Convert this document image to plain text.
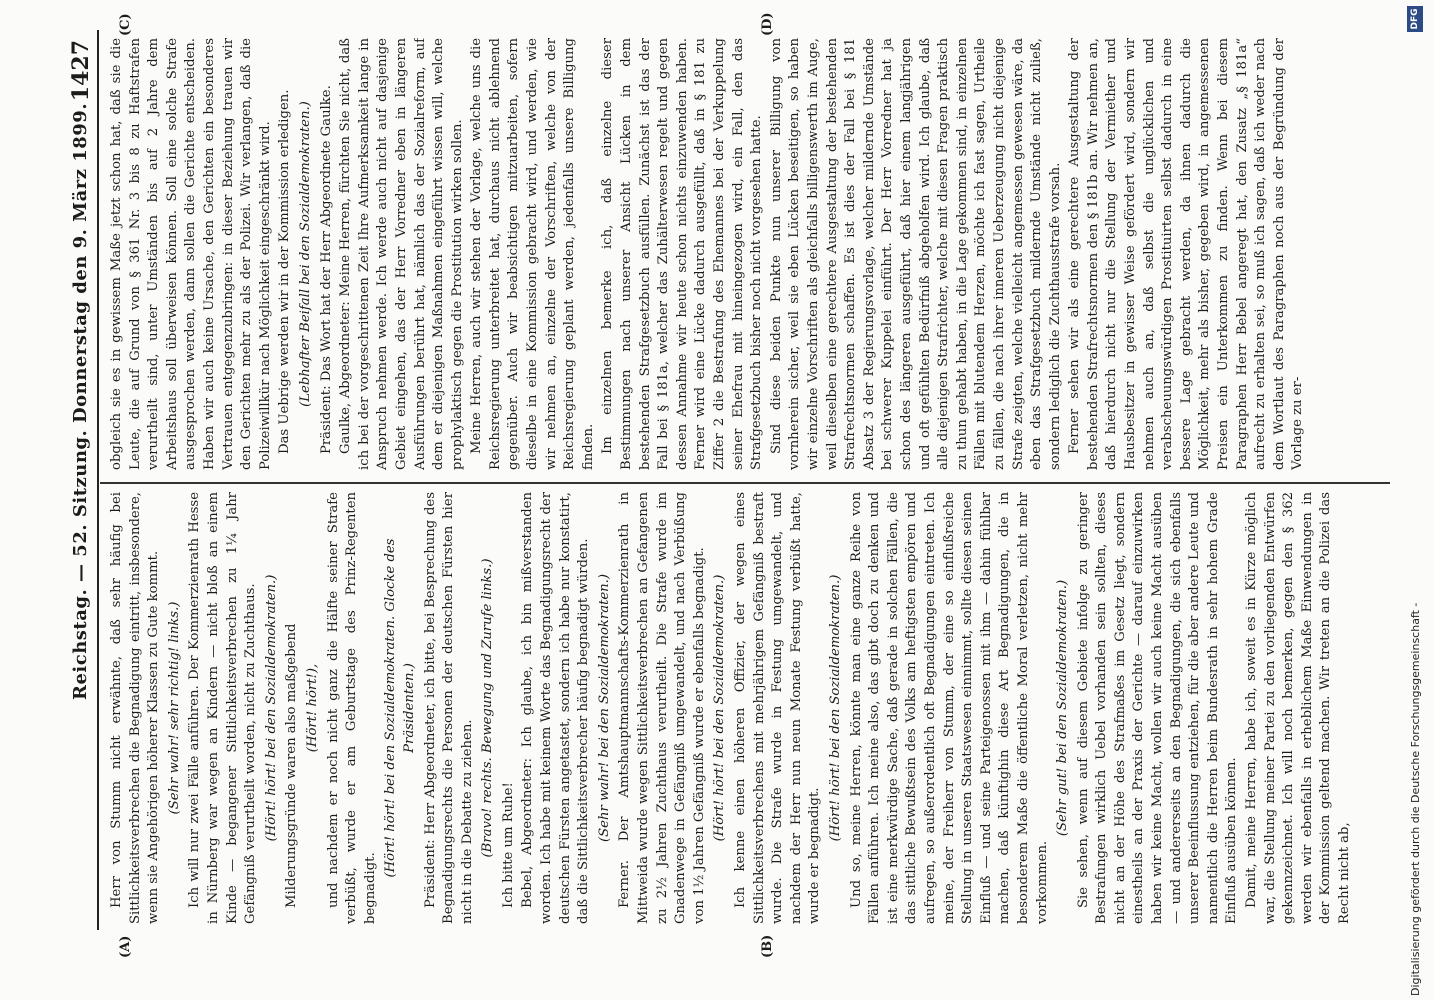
Reichstag. — 52. Sitzung. Donnerstag den 9. März 1899.
1427
(A)	(B)
(C)	(D)

Herr von Stumm nicht erwähnte, daß sehr häufig bei Sittlichkeitsverbrechen die Begnadigung eintritt, insbesondere, wenn sie Angehörigen höherer Klassen zu Gute kommt. (Sehr wahr! sehr richtig! links.) Ich will nur zwei Fälle anführen. Der Kommerzienrath Hesse in Nürnberg war wegen an Kindern — nicht bloß an einem Kinde — begangener Sittlichkeitsverbrechen zu 1¼ Jahr Gefängniß verurtheilt worden, nicht zu Zuchthaus. (Hört! hört! bei den Sozialdemokraten.) Milderungsgründe waren also maßgebend (Hört! hört!), und nachdem er noch nicht ganz die Hälfte seiner Strafe verbüßt, wurde er am Geburtstage des Prinz-Regenten begnadigt.

(Hört! hört! bei den Sozialdemokraten. Glocke des Präsidenten.) Präsident: Herr Abgeordneter, ich bitte, bei Besprechung des Begnadigungsrechts die Personen der deutschen Fürsten hier nicht in die Debatte zu ziehen. (Bravo! rechts. Bewegung und Zurufe links.) Ich bitte um Ruhe! Bebel, Abgeordneter: Ich glaube, ich bin mißverstanden worden. Ich habe mit keinem Worte das Begnadigungsrecht der deutschen Fürsten angetastet, sondern ich habe nur konstatirt, daß die Sittlichkeitsverbrecher häufig begnadigt würden. (Sehr wahr! bei den Sozialdemokraten.) Ferner. Der Amtshauptmannschafts-Kommerzienrath in Mittweida wurde wegen Sittlichkeitsverbrechen an Gefangenen zu 2½ Jahren Zuchthaus verurtheilt. Die Strafe wurde im Gnadenwege in Gefängniß umgewandelt, und nach Verbüßung von 1½ Jahren Gefängniß wurde er ebenfalls begnadigt. (Hört! hört! bei den Sozialdemokraten.) Ich kenne einen höheren Offizier, der wegen eines Sittlichkeitsverbrechens mit mehrjährigem Gefängniß bestraft wurde. Die Strafe wurde in Festung umgewandelt, und nachdem der Herr nun neun Monate Festung verbüßt hatte, wurde er begnadigt.

(Hört! hört! bei den Sozialdemokraten.) Und so, meine Herren, könnte man eine ganze Reihe von Fällen anführen. Ich meine also, das gibt doch zu denken und ist eine merkwürdige Sache, daß gerade in solchen Fällen, die das sittliche Bewußtsein des Volks am heftigsten empören und aufregen, so außerordentlich oft Begnadigungen eintreten. Ich meine, der Freiherr von Stumm, der eine so einflußreiche Stellung in unseren Staatswesen einnimmt, sollte diesen seinen Einfluß — und seine Parteigenossen mit ihm — dahin fühlbar machen, daß künftighin diese Art Begnadigungen, die in besonderem Maße die öffentliche Moral verletzen, nicht mehr vorkommen.

(Sehr gut! bei den Sozialdemokraten.) Sie sehen, wenn auf diesem Gebiete infolge zu geringer Bestrafungen wirklich Uebel vorhanden sein sollten, dieses nicht an der Höhe des Strafmaßes im Gesetz liegt, sondern einestheils an der Praxis der Gerichte — darauf einzuwirken haben wir keine Macht, wollen wir auch keine Macht ausüben — und andererseits an den Begnadigungen, die sich ebenfalls unserer Beeinflussung entziehen, für die aber andere Leute und namentlich die Herren beim Bundesrath in sehr hohem Grade Einfluß ausüben können. Damit, meine Herren, habe ich, soweit es in Kürze möglich war, die Stellung meiner Partei zu den vorliegenden Entwürfen gekennzeichnet. Ich will noch bemerken, gegen den § 362 werden wir ebenfalls in erheblichem Maße Einwendungen in der Kommission geltend machen. Wir treten an die Polizei das Recht nicht ab,

obgleich sie es in gewissem Maße jetzt schon hat, daß sie die Leute, die auf Grund von § 361 Nr. 3 bis 8 zu Haftstrafen verurtheilt sind, unter Umständen bis auf 2 Jahre dem Arbeitshaus soll überweisen können. Soll eine solche Strafe ausgesprochen werden, dann sollen die Gerichte entscheiden. Haben wir auch keine Ursache, den Gerichten ein besonderes Vertrauen entgegenzubringen: in dieser Beziehung trauen wir den Gerichten mehr zu als der Polizei. Wir verlangen, daß die Polizeiwillkür nach Möglichkeit eingeschränkt wird. Das Uebrige werden wir in der Kommission erledigen. (Lebhafter Beifall bei den Sozialdemokraten.) Präsident: Das Wort hat der Herr Abgeordnete Gaulke. Gaulke, Abgeordneter: Meine Herren, fürchten Sie nicht, daß ich bei der vorgeschrittenen Zeit Ihre Aufmerksamkeit lange in Anspruch nehmen werde. Ich werde auch nicht auf dasjenige Gebiet eingehen, das der Herr Vorredner eben in längeren Ausführungen berührt hat, nämlich das der Sozialreform, auf dem er diejenigen Maßnahmen eingeführt wissen will, welche prophylaktisch gegen die Prostitution wirken sollen. Meine Herren, auch wir stehen der Vorlage, welche uns die Reichsregierung unterbreitet hat, durchaus nicht ablehnend gegenüber. Auch wir beabsichtigen mitzuarbeiten, sofern dieselbe in eine Kommission gebracht wird, und werden, wie wir nehmen an, einzelne der Vorschriften, welche von der Reichsregierung geplant werden, jedenfalls unsere Billigung finden. Im einzelnen bemerke ich, daß einzelne dieser Bestimmungen nach unserer Ansicht Lücken in dem bestehenden Strafgesetzbuch ausfüllen. Zunächst ist das der Fall bei § 181a, welcher das Zuhälterwesen regelt und gegen dessen Annahme wir heute schon nichts einzuwenden haben. Ferner wird eine Lücke dadurch ausgefüllt, daß in § 181 zu Ziffer 2 die Bestrafung des Ehemannes bei der Verkuppelung seiner Ehefrau mit hineingezogen wird, ein Fall, den das Strafgesetzbuch bisher noch nicht vorgesehen hatte. Sind diese beiden Punkte nun unserer Billigung von vornherein sicher, weil sie eben Lücken beseitigen, so haben wir einzelne Vorschriften als gleichfalls billigenswerth im Auge, weil dieselben eine gerechtere Ausgestaltung der bestehenden Strafrechtsnormen schaffen. Es ist dies der Fall bei § 181 Absatz 3 der Regierungsvorlage, welcher mildernde Umstände bei schwerer Kuppelei einführt. Der Herr Vorredner hat ja schon des längeren ausgeführt, daß hier einem langjährigen und oft gefühlten Bedürfniß abgeholfen wird. Ich glaube, daß alle diejenigen Strafrichter, welche mit diesen Fragen praktisch zu thun gehabt haben, in die Lage gekommen sind, in einzelnen Fällen mit blutendem Herzen, möchte ich fast sagen, Urtheile zu fällen, die nach ihrer inneren Ueberzeugung nicht diejenige Strafe zeigten, welche vielleicht angemessen gewesen wäre, da eben das Strafgesetzbuch mildernde Umstände nicht zuließ, sondern lediglich die Zuchthausstrafe vorsah. Ferner sehen wir als eine gerechtere Ausgestaltung der bestehenden Strafrechtsnormen den § 181b an. Wir nehmen an, daß hierdurch nicht nur die Stellung der Vermiether und Hausbesitzer in gewisser Weise gefördert wird, sondern wir nehmen auch an, daß selbst die unglücklichen und verabscheuungswürdigen Prostituirten selbst dadurch in eine bessere Lage gebracht werden, da ihnen dadurch die Möglichkeit, mehr als bisher, gegeben wird, in angemessenen Preisen ein Unterkommen zu finden. Wenn bei diesem Paragraphen Herr Bebel angeregt hat, den Zusatz „§ 181a“ aufrecht zu erhalten sei, so muß ich sagen, daß ich weder nach dem Wortlaut des Paragraphen noch aus der Begründung der Vorlage zu er-

Digitalisierung gefördert durch die Deutsche Forschungsgemeinschaft -
DFG
